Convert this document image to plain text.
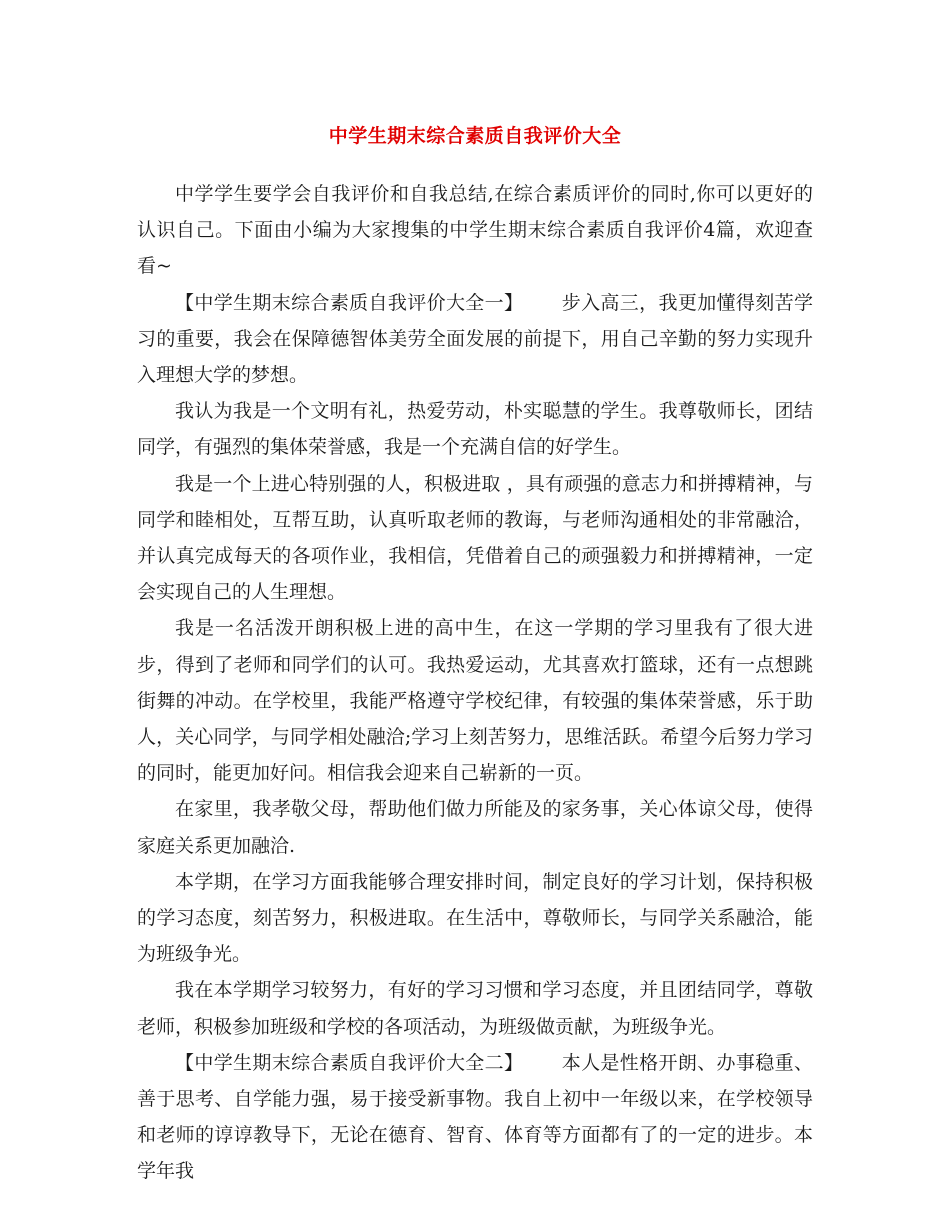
中学生期末综合素质自我评价大全

中学学生要学会自我评价和自我总结,在综合素质评价的同时,你可以更好的认识自己。下面由小编为大家搜集的中学生期末综合素质自我评价4篇，欢迎查看~

【中学生期末综合素质自我评价大全一】 步入高三，我更加懂得刻苦学习的重要，我会在保障德智体美劳全面发展的前提下，用自己辛勤的努力实现升入理想大学的梦想。

我认为我是一个文明有礼，热爱劳动，朴实聪慧的学生。我尊敬师长，团结同学，有强烈的集体荣誉感，我是一个充满自信的好学生。

我是一个上进心特别强的人，积极进取 ，具有顽强的意志力和拼搏精神，与同学和睦相处，互帮互助，认真听取老师的教诲，与老师沟通相处的非常融洽，并认真完成每天的各项作业，我相信，凭借着自己的顽强毅力和拼搏精神，一定会实现自己的人生理想。

我是一名活泼开朗积极上进的高中生，在这一学期的学习里我有了很大进步，得到了老师和同学们的认可。我热爱运动，尤其喜欢打篮球，还有一点想跳街舞的冲动。在学校里，我能严格遵守学校纪律，有较强的集体荣誉感，乐于助人，关心同学，与同学相处融洽;学习上刻苦努力，思维活跃。希望今后努力学习的同时，能更加好问。相信我会迎来自己崭新的一页。

在家里，我孝敬父母，帮助他们做力所能及的家务事，关心体谅父母，使得家庭关系更加融洽.

本学期，在学习方面我能够合理安排时间，制定良好的学习计划，保持积极的学习态度，刻苦努力，积极进取。在生活中，尊敬师长，与同学关系融洽，能为班级争光。

我在本学期学习较努力，有好的学习习惯和学习态度，并且团结同学，尊敬老师，积极参加班级和学校的各项活动，为班级做贡献，为班级争光。

【中学生期末综合素质自我评价大全二】 本人是性格开朗、办事稳重、善于思考、自学能力强，易于接受新事物。我自上初中一年级以来，在学校领导和老师的谆谆教导下，无论在德育、智育、体育等方面都有了的一定的进步。本学年我
